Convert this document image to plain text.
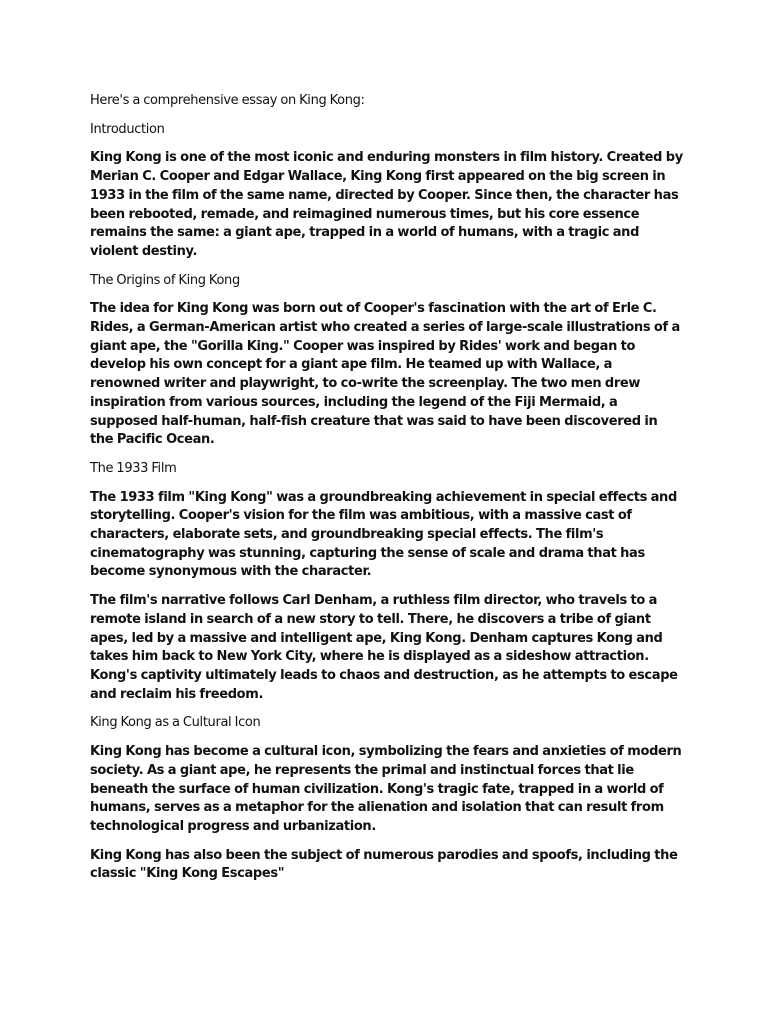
Here's a comprehensive essay on King Kong:

Introduction

King Kong is one of the most iconic and enduring monsters in film history. Created by Merian C. Cooper and Edgar Wallace, King Kong first appeared on the big screen in 1933 in the film of the same name, directed by Cooper. Since then, the character has been rebooted, remade, and reimagined numerous times, but his core essence remains the same: a giant ape, trapped in a world of humans, with a tragic and violent destiny.

The Origins of King Kong

The idea for King Kong was born out of Cooper's fascination with the art of Erle C. Rides, a German-American artist who created a series of large-scale illustrations of a giant ape, the "Gorilla King." Cooper was inspired by Rides' work and began to develop his own concept for a giant ape film. He teamed up with Wallace, a renowned writer and playwright, to co-write the screenplay. The two men drew inspiration from various sources, including the legend of the Fiji Mermaid, a supposed half-human, half-fish creature that was said to have been discovered in the Pacific Ocean.

The 1933 Film

The 1933 film "King Kong" was a groundbreaking achievement in special effects and storytelling. Cooper's vision for the film was ambitious, with a massive cast of characters, elaborate sets, and groundbreaking special effects. The film's cinematography was stunning, capturing the sense of scale and drama that has become synonymous with the character.

The film's narrative follows Carl Denham, a ruthless film director, who travels to a remote island in search of a new story to tell. There, he discovers a tribe of giant apes, led by a massive and intelligent ape, King Kong. Denham captures Kong and takes him back to New York City, where he is displayed as a sideshow attraction. Kong's captivity ultimately leads to chaos and destruction, as he attempts to escape and reclaim his freedom.

King Kong as a Cultural Icon

King Kong has become a cultural icon, symbolizing the fears and anxieties of modern society. As a giant ape, he represents the primal and instinctual forces that lie beneath the surface of human civilization. Kong's tragic fate, trapped in a world of humans, serves as a metaphor for the alienation and isolation that can result from technological progress and urbanization.

King Kong has also been the subject of numerous parodies and spoofs, including the classic "King Kong Escapes"
